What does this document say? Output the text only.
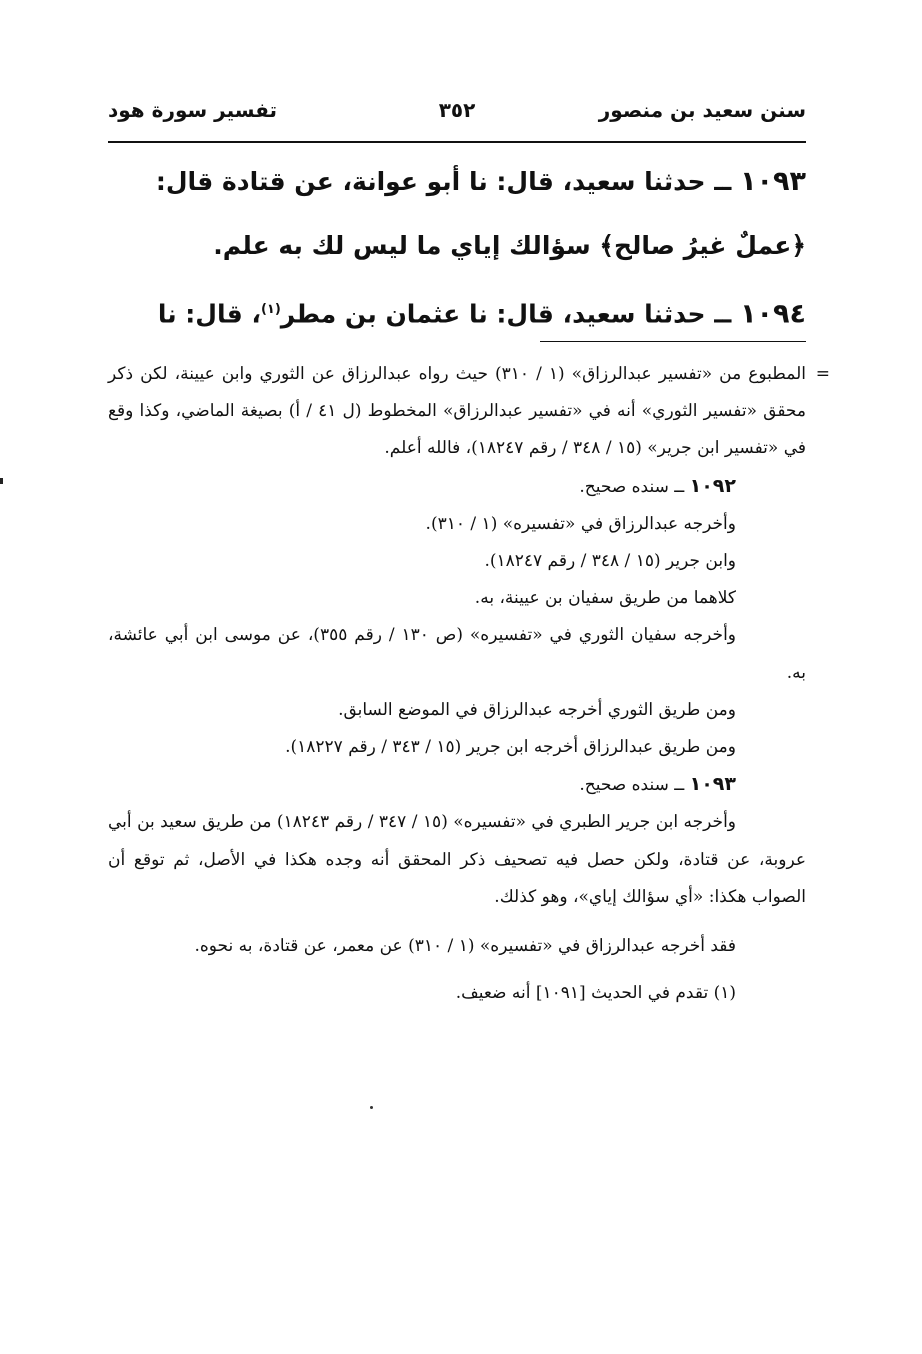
سنن سعيد بن منصور
٣٥٢
تفسير سورة هود

١٠٩٣ ــ حدثنا سعيد، قال: نا أبو عوانة، عن قتادة قال:
﴿عملٌ غيرُ صالح﴾ سؤالك إياي ما ليس لك به علم.

١٠٩٤ ــ حدثنا سعيد، قال: نا عثمان بن مطر$^{(١)}$، قال: نا

=
المطبوع من «تفسير عبدالرزاق» (١ / ٣١٠) حيث رواه عبدالرزاق عن الثوري وابن عيينة، لكن ذكر محقق «تفسير الثوري» أنه في «تفسير عبدالرزاق» المخطوط (ل ٤١ / أ) بصيغة الماضي، وكذا وقع في «تفسير ابن جرير» (١٥ / ٣٤٨ / رقم ١٨٢٤٧)، فالله أعلم.

١٠٩٢ ــ سنده صحيح.

وأخرجه عبدالرزاق في «تفسيره» (١ / ٣١٠).

وابن جرير (١٥ / ٣٤٨ / رقم ١٨٢٤٧).

كلاهما من طريق سفيان بن عيينة، به.

وأخرجه سفيان الثوري في «تفسيره» (ص ١٣٠ / رقم ٣٥٥)، عن موسى ابن أبي عائشة، به.

ومن طريق الثوري أخرجه عبدالرزاق في الموضع السابق.

ومن طريق عبدالرزاق أخرجه ابن جرير (١٥ / ٣٤٣ / رقم ١٨٢٢٧).

١٠٩٣ ــ سنده صحيح.

وأخرجه ابن جرير الطبري في «تفسيره» (١٥ / ٣٤٧ / رقم ١٨٢٤٣) من طريق سعيد بن أبي عروبة، عن قتادة، ولكن حصل فيه تصحيف ذكر المحقق أنه وجده هكذا في الأصل، ثم توقع أن الصواب هكذا: «أي سؤالك إياي»، وهو كذلك.

فقد أخرجه عبدالرزاق في «تفسيره» (١ / ٣١٠) عن معمر، عن قتادة، به نحوه.

(١) تقدم في الحديث [١٠٩١] أنه ضعيف.
